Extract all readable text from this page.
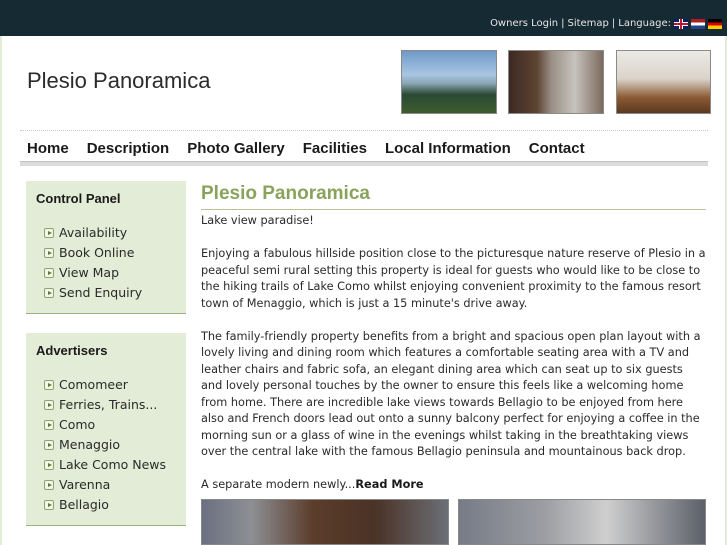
Owners Login | Sitemap | Language:
Plesio Panoramica
Home Description Photo Gallery Facilities Local Information Contact
Control Panel
Availability
Book Online
View Map
Send Enquiry
Advertisers
Comomeer
Ferries, Trains...
Como
Menaggio
Lake Como News
Varenna
Bellagio
Plesio Panoramica

Lake view paradise!

Enjoying a fabulous hillside position close to the picturesque nature reserve of Plesio in a peaceful semi rural setting this property is ideal for guests who would like to be close to the hiking trails of Lake Como whilst enjoying convenient proximity to the famous resort town of Menaggio, which is just a 15 minute's drive away.

The family-friendly property benefits from a bright and spacious open plan layout with a lovely living and dining room which features a comfortable seating area with a TV and leather chairs and fabric sofa, an elegant dining area which can seat up to six guests and lovely personal touches by the owner to ensure this feels like a welcoming home from home. There are incredible lake views towards Bellagio to be enjoyed from here also and French doors lead out onto a sunny balcony perfect for enjoying a coffee in the morning sun or a glass of wine in the evenings whilst taking in the breathtaking views over the central lake with the famous Bellagio peninsula and mountainous back drop.

A separate modern newly...Read More
